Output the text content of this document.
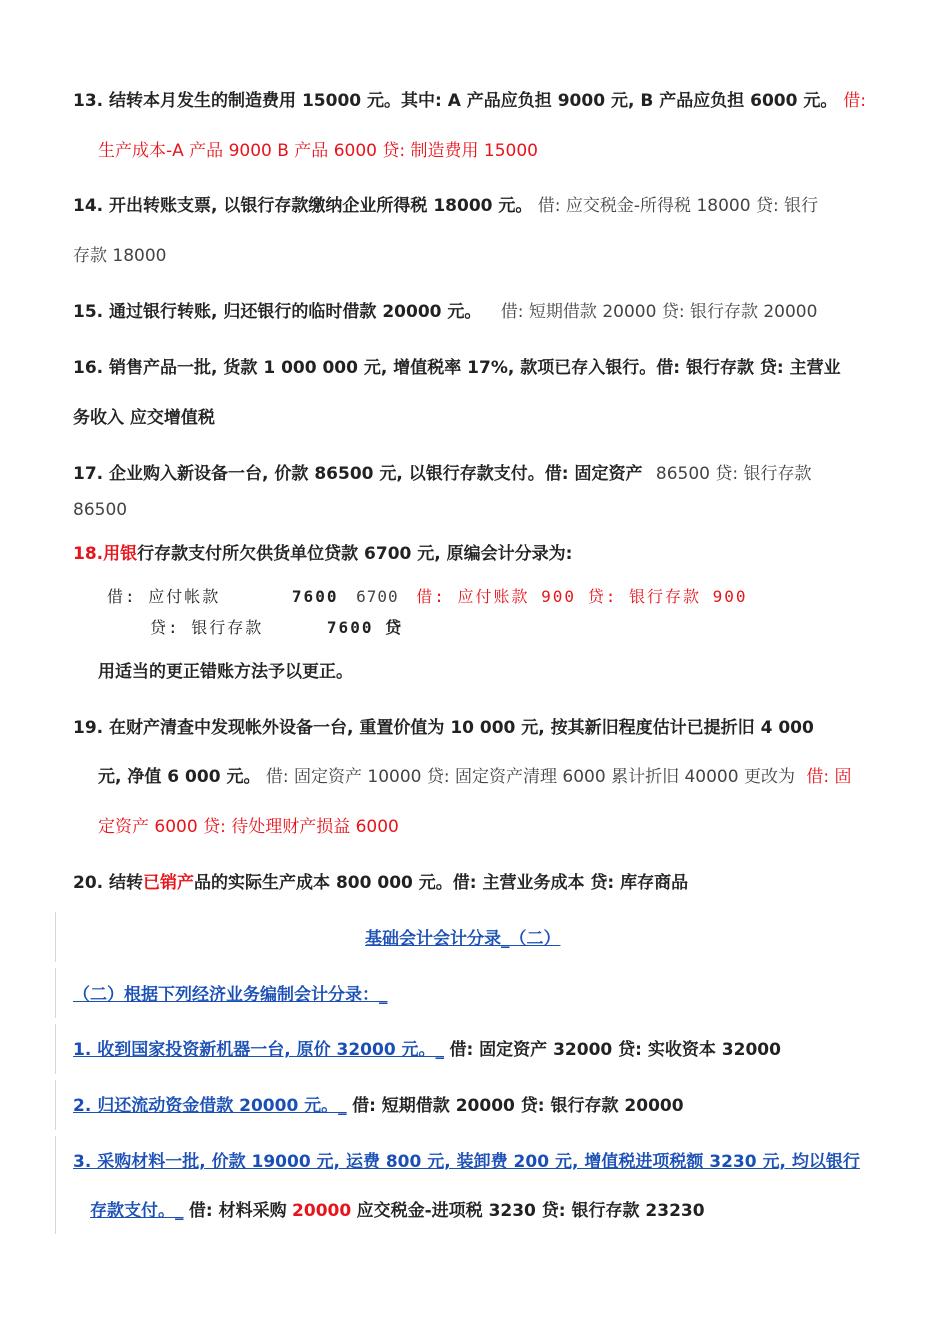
13. 结转本月发生的制造费用 15000 元。其中: A 产品应负担 9000 元, B 产品应负担 6000 元。 借:
生产成本-A 产品 9000 B 产品 6000 贷: 制造费用 15000
14. 开出转账支票, 以银行存款缴纳企业所得税 18000 元。 借: 应交税金-所得税 18000 贷: 银行
存款 18000
15. 通过银行转账, 归还银行的临时借款 20000 元。 借: 短期借款 20000 贷: 银行存款 20000
16. 销售产品一批, 货款 1 000 000 元, 增值税率 17%, 款项已存入银行。借: 银行存款 贷: 主营业
务收入 应交增值税
17. 企业购入新设备一台, 价款 86500 元, 以银行存款支付。借: 固定资产 86500 贷: 银行存款
86500
18.用银行存款支付所欠供货单位贷款 6700 元, 原编会计分录为:
借: 应付帐款	7600 6700 借: 应付账款 900 贷: 银行存款 900
贷: 银行存款	7600 贷
用适当的更正错账方法予以更正。
19. 在财产清查中发现帐外设备一台, 重置价值为 10 000 元, 按其新旧程度估计已提折旧 4 000
元, 净值 6 000 元。 借: 固定资产 10000 贷: 固定资产清理 6000 累计折旧 40000 更改为 借: 固
定资产 6000 贷: 待处理财产损益 6000
20. 结转已销产品的实际生产成本 800 000 元。借: 主营业务成本 贷: 库存商品
基础会计会计分录_（二）
（二）根据下列经济业务编制会计分录：_
1. 收到国家投资新机器一台, 原价 32000 元。_ 借: 固定资产 32000 贷: 实收资本 32000
2. 归还流动资金借款 20000 元。_ 借: 短期借款 20000 贷: 银行存款 20000
3. 采购材料一批, 价款 19000 元, 运费 800 元, 装卸费 200 元, 增值税进项税额 3230 元, 均以银行
存款支付。_ 借: 材料采购 20000 应交税金-进项税 3230 贷: 银行存款 23230
